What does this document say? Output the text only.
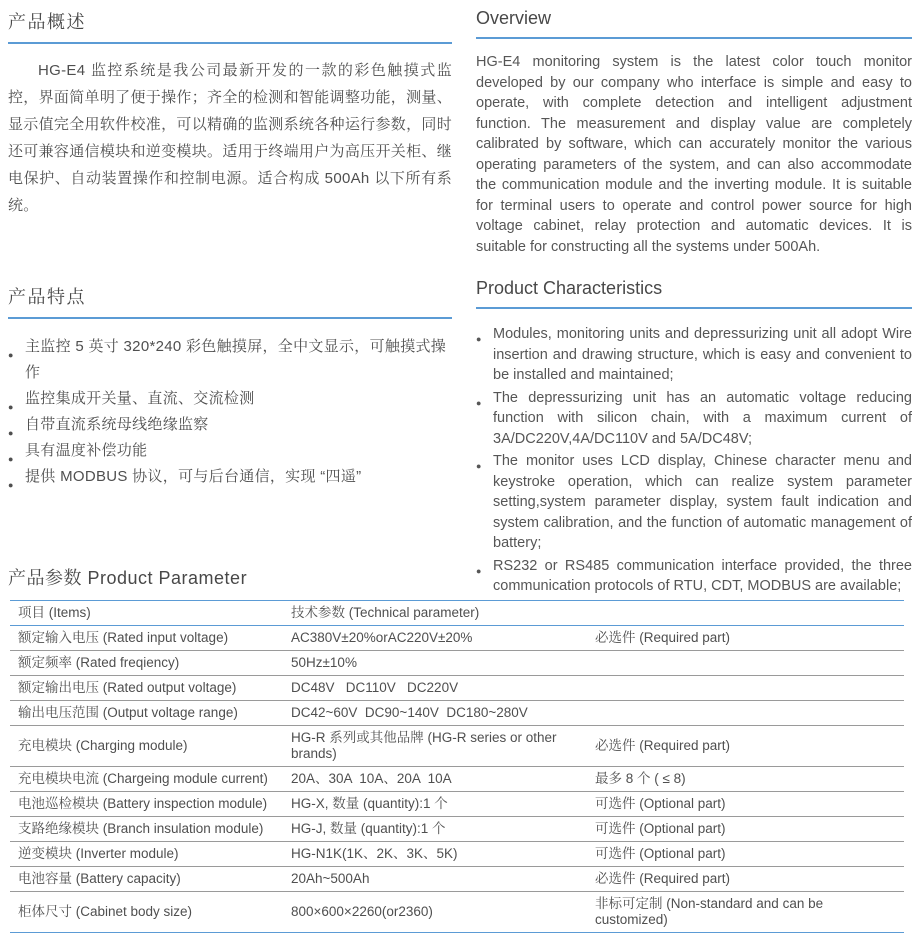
产品概述

HG-E4 监控系统是我公司最新开发的一款的彩色触摸式监控，界面简单明了便于操作；齐全的检测和智能调整功能，测量、显示值完全用软件校准，可以精确的监测系统各种运行参数，同时还可兼容通信模块和逆变模块。适用于终端用户为高压开关柜、继电保护、自动装置操作和控制电源。适合构成 500Ah 以下所有系统。

产品特点
● 主监控 5 英寸 320*240 彩色触摸屏，全中文显示，可触摸式操作
● 监控集成开关量、直流、交流检测
● 自带直流系统母线绝缘监察
● 具有温度补偿功能
● 提供 MODBUS 协议，可与后台通信，实现 “四遥”
Overview

HG-E4 monitoring system is the latest color touch monitor developed by our company who interface is simple and easy to operate, with complete detection and intelligent adjustment function. The measurement and display value are completely calibrated by software, which can accurately monitor the various operating parameters of the system, and can also accommodate the communication module and the inverting module. It is suitable for terminal users to operate and control power source for high voltage cabinet, relay protection and automatic devices. It is suitable for constructing all the systems under 500Ah.

Product Characteristics
● Modules, monitoring units and depressurizing unit all adopt Wire insertion and drawing structure, which is easy and convenient to be installed and maintained;
● The depressurizing unit has an automatic voltage reducing function with silicon chain, with a maximum current of 3A/DC220V,4A/DC110V and 5A/DC48V;
● The monitor uses LCD display, Chinese character menu and keystroke operation, which can realize system parameter setting,system parameter display, system fault indication and system calibration, and the function of automatic management of battery;
● RS232 or RS485 communication interface provided, the three communication protocols of RTU, CDT, MODBUS are available;
产品参数 Product Parameter
项目 (Items)	技术参数 (Technical parameter)	
额定输入电压 (Rated input voltage)	AC380V±20%orAC220V±20%	必选件 (Required part)
额定频率 (Rated freqiency)	50Hz±10%	
额定输出电压 (Rated output voltage)	DC48V   DC110V   DC220V	
输出电压范围 (Output voltage range)	DC42~60V  DC90~140V  DC180~280V	
充电模块 (Charging module)	HG-R 系列或其他品牌 (HG-R series or other brands)	必选件 (Required part)
充电模块电流 (Chargeing module current)	20A、30A  10A、20A  10A	最多 8 个 ( ≤ 8)
电池巡检模块 (Battery inspection module)	HG-X, 数量 (quantity):1 个	可选件 (Optional part)
支路绝缘模块 (Branch insulation module)	HG-J, 数量 (quantity):1 个	可选件 (Optional part)
逆变模块 (Inverter module)	HG-N1K(1K、2K、3K、5K)	可选件 (Optional part)
电池容量 (Battery capacity)	20Ah~500Ah	必选件 (Required part)
柜体尺寸 (Cabinet body size)	800×600×2260(or2360)	非标可定制 (Non-standard and can be customized)
